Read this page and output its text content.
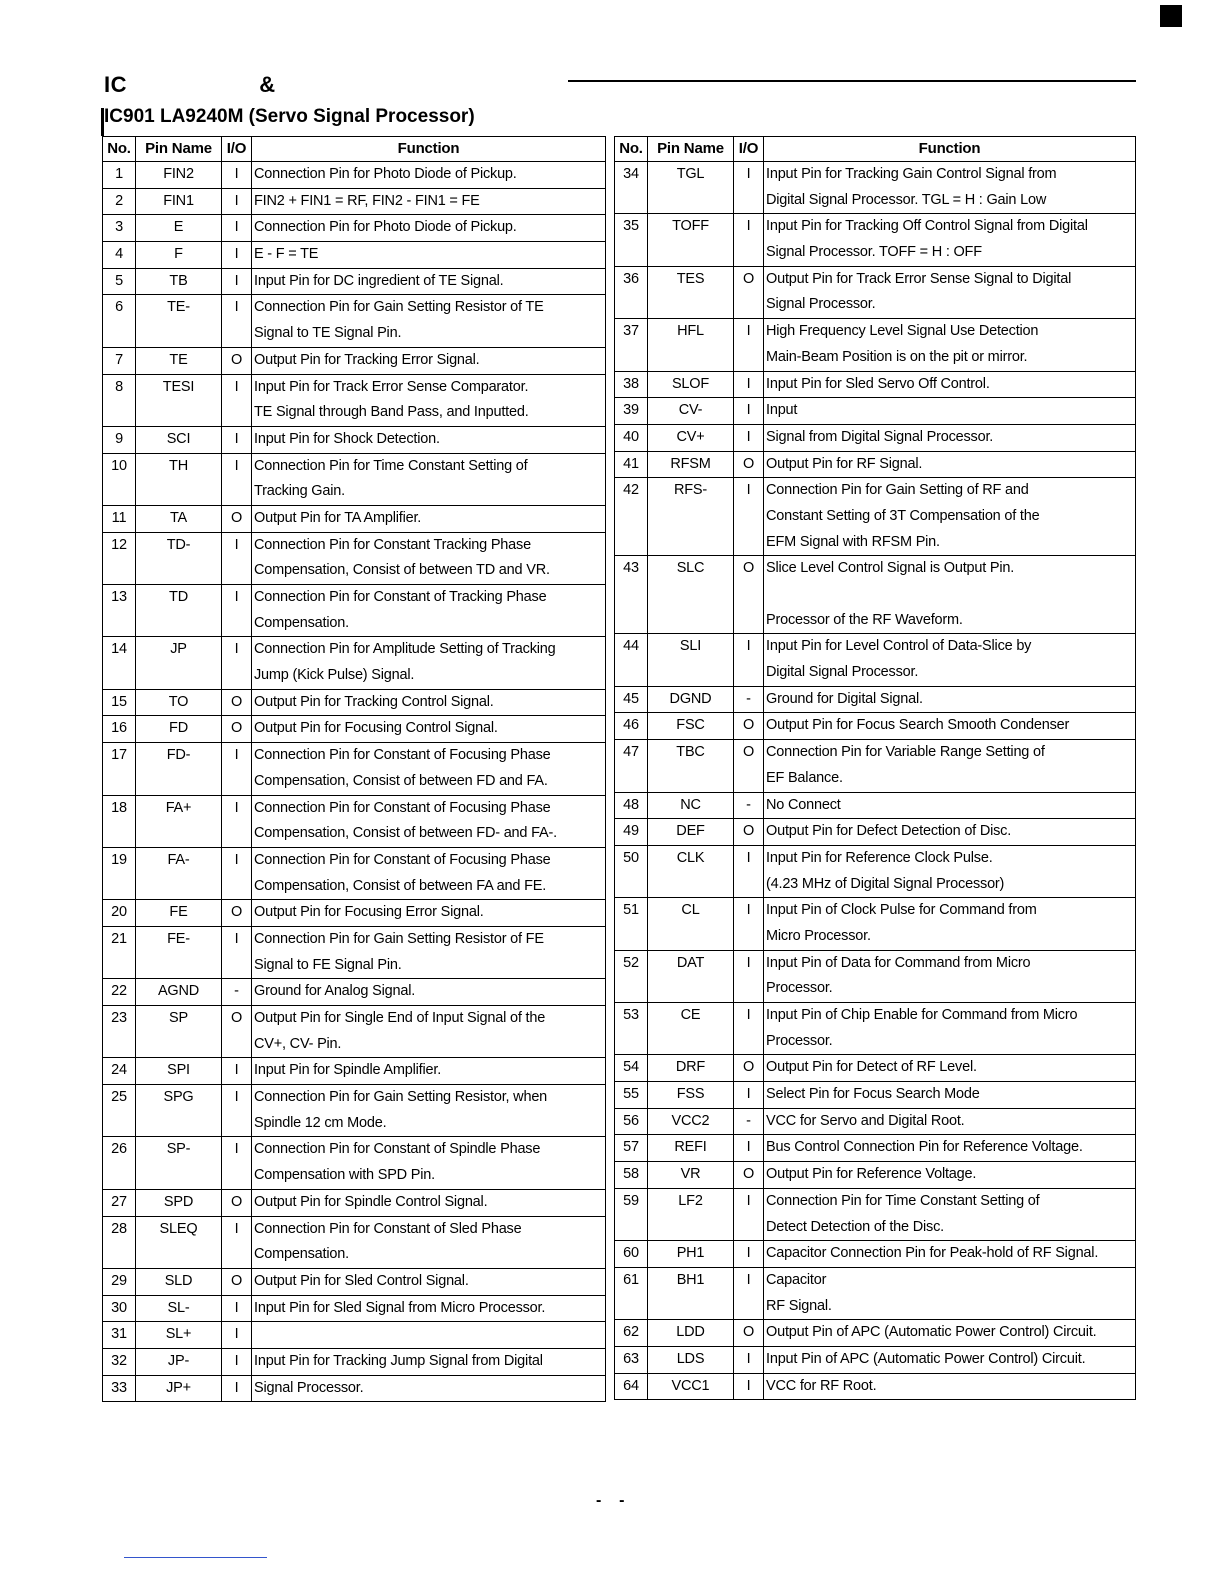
IC                    &
IC901 LA9240M (Servo Signal Processor)
No.	Pin Name	I/O	Function
1	FIN2	I	Connection Pin for Photo Diode of Pickup.

2	FIN1	I	FIN2 + FIN1 = RF, FIN2 - FIN1 = FE

3	E	I	Connection Pin for Photo Diode of Pickup.

4	F	I	E - F = TE

5	TB	I	Input Pin for DC ingredient of TE Signal.

6	TE-	I	Connection Pin for Gain Setting Resistor of TE
Signal to TE Signal Pin.

7	TE	O	Output Pin for Tracking Error Signal.

8	TESI	I	Input Pin for Track Error Sense Comparator.
TE Signal through Band Pass, and Inputted.

9	SCI	I	Input Pin for Shock Detection.

10	TH	I	Connection Pin for Time Constant Setting of
Tracking Gain.

11	TA	O	Output Pin for TA Amplifier.

12	TD-	I	Connection Pin for Constant Tracking Phase
Compensation, Consist of between TD and VR.

13	TD	I	Connection Pin for Constant of Tracking Phase
Compensation.

14	JP	I	Connection Pin for Amplitude Setting of Tracking
Jump (Kick Pulse) Signal.

15	TO	O	Output Pin for Tracking Control Signal.

16	FD	O	Output Pin for Focusing Control Signal.

17	FD-	I	Connection Pin for Constant of Focusing Phase
Compensation, Consist of between FD and FA.

18	FA+	I	Connection Pin for Constant of Focusing Phase
Compensation, Consist of between FD- and FA-.

19	FA-	I	Connection Pin for Constant of Focusing Phase
Compensation, Consist of between FA and FE.

20	FE	O	Output Pin for Focusing Error Signal.

21	FE-	I	Connection Pin for Gain Setting Resistor of FE
Signal to FE Signal Pin.

22	AGND	-	Ground for Analog Signal.

23	SP	O	Output Pin for Single End of Input Signal of the
CV+, CV- Pin.

24	SPI	I	Input Pin for Spindle Amplifier.

25	SPG	I	Connection Pin for Gain Setting Resistor, when
Spindle 12 cm Mode.

26	SP-	I	Connection Pin for Constant of Spindle Phase
Compensation with SPD Pin.

27	SPD	O	Output Pin for Spindle Control Signal.

28	SLEQ	I	Connection Pin for Constant of Sled Phase
Compensation.

29	SLD	O	Output Pin for Sled Control Signal.

30	SL-	I	Input Pin for Sled Signal from Micro Processor.

31	SL+	I	

32	JP-	I	Input Pin for Tracking Jump Signal from Digital

33	JP+	I	Signal Processor.
No.	Pin Name	I/O	Function
34	TGL	I	Input Pin for Tracking Gain Control Signal from
Digital Signal Processor. TGL = H : Gain Low

35	TOFF	I	Input Pin for Tracking Off Control Signal from Digital
Signal Processor. TOFF = H : OFF

36	TES	O	Output Pin for Track Error Sense Signal to Digital
Signal Processor.

37	HFL	I	High Frequency Level Signal Use Detection
Main-Beam Position is on the pit or mirror.

38	SLOF	I	Input Pin for Sled Servo Off Control.

39	CV-	I	Input

40	CV+	I	Signal from Digital Signal Processor.

41	RFSM	O	Output Pin for RF Signal.

42	RFS-	I	Connection Pin for Gain Setting of RF and
Constant Setting of 3T Compensation of the
EFM Signal with RFSM Pin.

43	SLC	O	Slice Level Control Signal is Output Pin.
Processor of the RF Waveform.

44	SLI	I	Input Pin for Level Control of Data-Slice by
Digital Signal Processor.

45	DGND	-	Ground for Digital Signal.

46	FSC	O	Output Pin for Focus Search Smooth Condenser

47	TBC	O	Connection Pin for Variable Range Setting of
EF Balance.

48	NC	-	No Connect

49	DEF	O	Output Pin for Defect Detection of Disc.

50	CLK	I	Input Pin for Reference Clock Pulse.
(4.23 MHz of Digital Signal Processor)

51	CL	I	Input Pin of Clock Pulse for Command from
Micro Processor.

52	DAT	I	Input Pin of Data for Command from Micro
Processor.

53	CE	I	Input Pin of Chip Enable for Command from Micro
Processor.

54	DRF	O	Output Pin for Detect of RF Level.

55	FSS	I	Select Pin for Focus Search Mode

56	VCC2	-	VCC for Servo and Digital Root.

57	REFI	I	Bus Control Connection Pin for Reference Voltage.

58	VR	O	Output Pin for Reference Voltage.

59	LF2	I	Connection Pin for Time Constant Setting of
Detect Detection of the Disc.

60	PH1	I	Capacitor Connection Pin for Peak-hold of RF Signal.

61	BH1	I	Capacitor
RF Signal.

62	LDD	O	Output Pin of APC (Automatic Power Control) Circuit.

63	LDS	I	Input Pin of APC (Automatic Power Control) Circuit.

64	VCC1	I	VCC for RF Root.
-    -
